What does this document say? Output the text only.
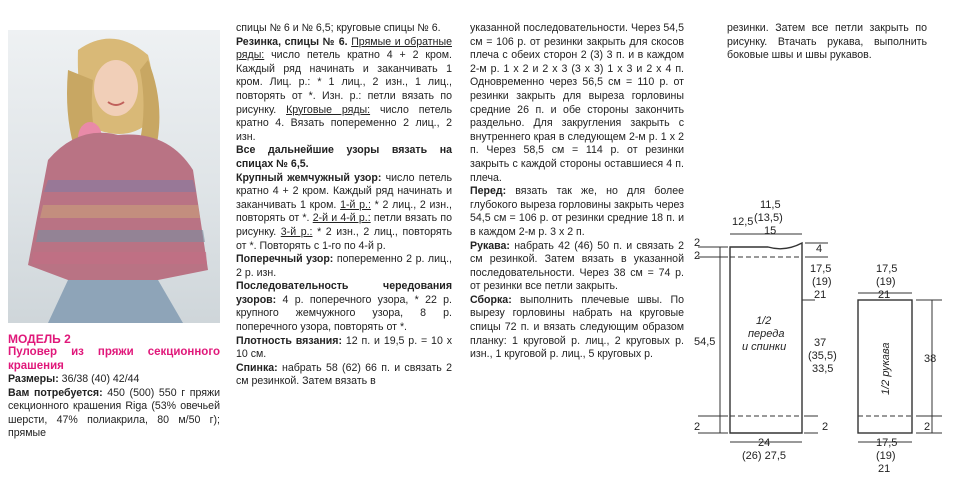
МОДЕЛЬ 2

Пуловер из пряжи секционного крашения

Размеры: 36/38 (40) 42/44

Вам потребуется: 450 (500) 550 г пряжи секционного крашения Riga (53% овечьей шерсти, 47% полиакрила, 80 м/50 г); прямые

спицы № 6 и № 6,5; круговые спицы № 6.

Резинка, спицы № 6. Прямые и обратные ряды: число петель кратно 4 + 2 кром. Каждый ряд начинать и заканчивать 1 кром. Лиц. р.: * 1 лиц., 2 изн., 1 лиц., повторять от *. Изн. р.: петли вязать по рисунку. Круговые ряды: число петель кратно 4. Вязать попеременно 2 лиц., 2 изн.

Все дальнейшие узоры вязать на спицах № 6,5.

Крупный жемчужный узор: число петель кратно 4 + 2 кром. Каждый ряд начинать и заканчивать 1 кром. 1-й р.: * 2 лиц., 2 изн., повторять от *. 2-й и 4-й р.: петли вязать по рисунку. 3-й р.: * 2 изн., 2 лиц., повторять от *. Повторять с 1-го по 4-й р.

Поперечный узор: попеременно 2 р. лиц., 2 р. изн.

Последовательность чередования узоров: 4 р. поперечного узора, * 22 р. крупного жемчужного узора, 8 р. поперечного узора, повторять от *.

Плотность вязания: 12 п. и 19,5 р. = 10 х 10 см.

Спинка: набрать 58 (62) 66 п. и связать 2 см резинкой. Затем вязать в

указанной последовательности. Через 54,5 см = 106 р. от резинки закрыть для скосов плеча с обеих сторон 2 (3) 3 п. и в каждом 2-м р. 1 х 2 и 2 х 3 (3 х 3) 1 х 3 и 2 х 4 п. Одновременно через 56,5 см = 110 р. от резинки закрыть для выреза горловины средние 26 п. и обе стороны закончить раздельно. Для закругления закрыть с внутреннего края в следующем 2-м р. 1 х 2 п. Через 58,5 см = 114 р. от резинки закрыть с каждой стороны оставшиеся 4 п. плеча.

Перед: вязать так же, но для более глубокого выреза горловины закрыть через 54,5 см = 106 р. от резинки средние 18 п. и в каждом 2-м р. 3 х 2 п.

Рукава: набрать 42 (46) 50 п. и связать 2 см резинкой. Затем вязать в указанной последовательности. Через 38 см = 74 р. от резинки все петли закрыть.

Сборка: выполнить плечевые швы. По вырезу горловины набрать на круговые спицы 72 п. и вязать следующим образом планку: 1 круговой р. лиц., 2 круговых р. изн., 1 круговой р. лиц., 5 круговых р.

резинки. Затем все петли закрыть по рисунку. Втачать рукава, выполнить боковые швы и швы рукавов.

11,5
(13,5)
15
12,5
4
17,5
(19)
21
54,5	37
(35,5)
33,5
2
2
2	2
24
(26) 27,5
1/2
переда
и спинки
17,5
(19)
21
38
2
17,5
(19)
21
1/2 рукава
